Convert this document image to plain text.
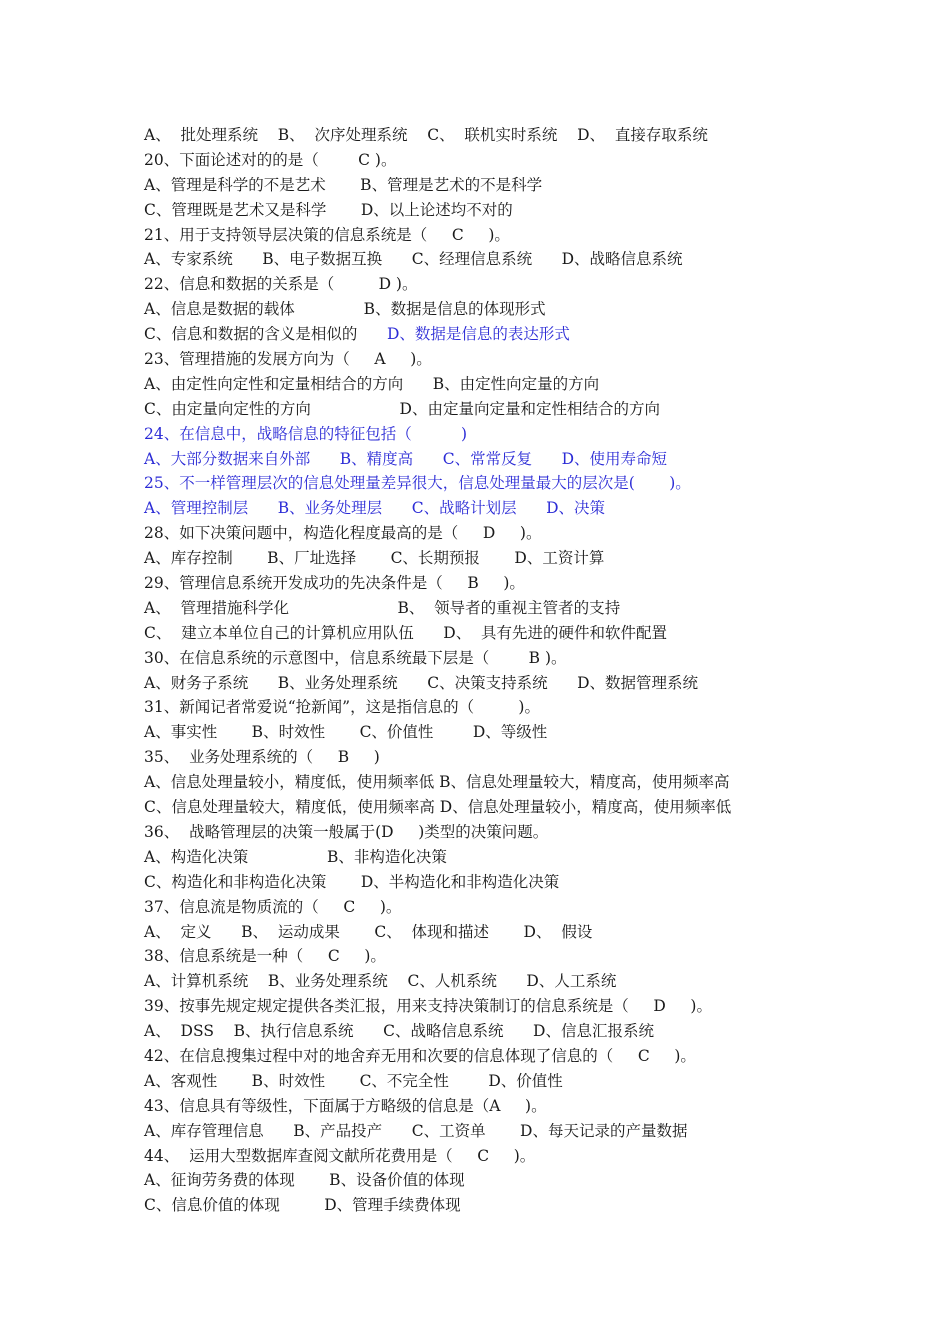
A、  批处理系统    B、  次序处理系统    C、  联机实时系统    D、  直接存取系统
20、下面论述对的的是（        C )。
A、管理是科学的不是艺术       B、管理是艺术的不是科学
C、管理既是艺术又是科学       D、以上论述均不对的
21、用于支持领导层决策的信息系统是（     C     )。
A、专家系统      B、电子数据互换      C、经理信息系统      D、战略信息系统
22、信息和数据的关系是（         D )。
A、信息是数据的载体              B、数据是信息的体现形式
C、信息和数据的含义是相似的      D、数据是信息的表达形式
23、管理措施的发展方向为（     A     )。
A、由定性向定性和定量相结合的方向      B、由定性向定量的方向
C、由定量向定性的方向                  D、由定量向定量和定性相结合的方向
24、在信息中，战略信息的特征包括（          )
A、大部分数据来自外部      B、精度高      C、常常反复      D、使用寿命短
25、不一样管理层次的信息处理量差异很大，信息处理量最大的层次是(       )。
A、管理控制层      B、业务处理层      C、战略计划层      D、决策
28、如下决策问题中，构造化程度最高的是（     D     )。
A、库存控制       B、厂址选择       C、长期预报       D、工资计算
29、管理信息系统开发成功的先决条件是（     B     )。
A、  管理措施科学化                      B、  领导者的重视主管者的支持
C、  建立本单位自己的计算机应用队伍      D、  具有先进的硬件和软件配置
30、在信息系统的示意图中，信息系统最下层是（        B )。
A、财务子系统      B、业务处理系统      C、决策支持系统      D、数据管理系统
31、新闻记者常爱说“抢新闻”，这是指信息的（         )。
A、事实性       B、时效性       C、价值性        D、等级性
35、  业务处理系统的（     B     )
A、信息处理量较小，精度低，使用频率低 B、信息处理量较大，精度高，使用频率高
C、信息处理量较大，精度低，使用频率高 D、信息处理量较小，精度高，使用频率低
36、  战略管理层的决策一般属于(D     )类型的决策问题。
A、构造化决策                B、非构造化决策
C、构造化和非构造化决策       D、半构造化和非构造化决策
37、信息流是物质流的（     C     )。
A、  定义      B、  运动成果       C、  体现和描述       D、  假设
38、信息系统是一种（     C     )。
A、计算机系统    B、业务处理系统    C、人机系统      D、人工系统
39、按事先规定规定提供各类汇报，用来支持决策制订的信息系统是（     D     )。
A、  DSS    B、执行信息系统      C、战略信息系统      D、信息汇报系统
42、在信息搜集过程中对的地舍弃无用和次要的信息体现了信息的（     C     )。
A、客观性       B、时效性       C、不完全性        D、价值性
43、信息具有等级性，下面属于方略级的信息是（A     )。
A、库存管理信息      B、产品投产      C、工资单       D、每天记录的产量数据
44、  运用大型数据库查阅文献所花费用是（     C     )。
A、征询劳务费的体现       B、设备价值的体现
C、信息价值的体现         D、管理手续费体现
